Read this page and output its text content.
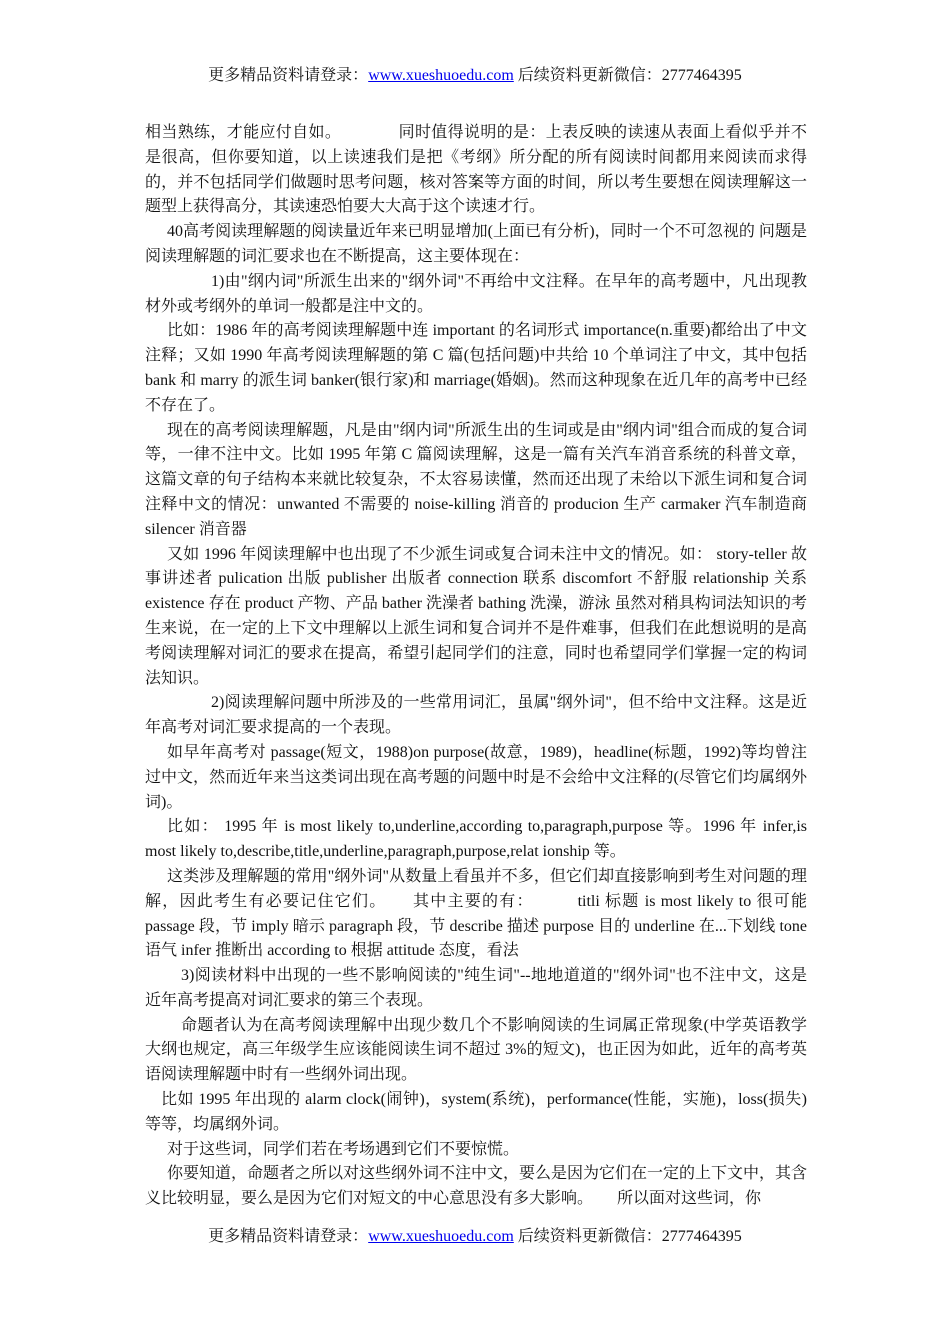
更多精品资料请登录：www.xueshuoedu.com 后续资料更新微信：2777464395

相当熟练，才能应付自如。　　　　同时值得说明的是：上表反映的读速从表面上看似乎并不是很高，但你要知道，以上读速我们是把《考纲》所分配的所有阅读时间都用来阅读而求得的，并不包括同学们做题时思考问题，核对答案等方面的时间，所以考生要想在阅读理解这一题型上获得高分，其读速恐怕要大大高于这个读速才行。

40高考阅读理解题的阅读量近年来已明显增加(上面已有分析)，同时一个不可忽视的 问题是阅读理解题的词汇要求也在不断提高，这主要体现在：

1)由"纲内词"所派生出来的"纲外词"不再给中文注释。在早年的高考题中，凡出现教材外或考纲外的单词一般都是注中文的。

比如：1986 年的高考阅读理解题中连 important 的名词形式 importance(n.重要)都给出了中文注释；又如 1990 年高考阅读理解题的第 C 篇(包括问题)中共给 10 个单词注了中文，其中包括 bank 和 marry 的派生词 banker(银行家)和 marriage(婚姻)。然而这种现象在近几年的高考中已经不存在了。

现在的高考阅读理解题，凡是由"纲内词"所派生出的生词或是由"纲内词"组合而成的复合词等，一律不注中文。比如 1995 年第 C 篇阅读理解，这是一篇有关汽车消音系统的科普文章，这篇文章的句子结构本来就比较复杂，不太容易读懂，然而还出现了未给以下派生词和复合词注释中文的情况：unwanted 不需要的 noise-killing 消音的 producion 生产 carmaker 汽车制造商 silencer 消音器

又如 1996 年阅读理解中也出现了不少派生词或复合词未注中文的情况。如： story-teller 故事讲述者 pulication 出版 publisher 出版者 connection 联系 discomfort 不舒服 relationship 关系 existence 存在 product 产物、产品 bather 洗澡者 bathing 洗澡，游泳 虽然对稍具构词法知识的考生来说，在一定的上下文中理解以上派生词和复合词并不是件难事，但我们在此想说明的是高考阅读理解对词汇的要求在提高，希望引起同学们的注意，同时也希望同学们掌握一定的构词法知识。

2)阅读理解问题中所涉及的一些常用词汇，虽属"纲外词"，但不给中文注释。这是近年高考对词汇要求提高的一个表现。

如早年高考对 passage(短文，1988)on purpose(故意，1989)，headline(标题，1992)等均曾注过中文，然而近年来当这类词出现在高考题的问题中时是不会给中文注释的(尽管它们均属纲外词)。

比如： 1995 年 is most likely to,underline,according to,paragraph,purpose 等。1996 年 infer,is most likely to,describe,title,underline,paragraph,purpose,relat ionship 等。

这类涉及理解题的常用"纲外词"从数量上看虽并不多，但它们却直接影响到考生对问题的理解，因此考生有必要记住它们。　　其中主要的有：　　　titli 标题 is most likely to 很可能 passage 段，节 imply 暗示 paragraph 段，节 describe 描述 purpose 目的 underline 在...下划线 tone 语气 infer 推断出 according to 根据 attitude 态度，看法

3)阅读材料中出现的一些不影响阅读的"纯生词"--地地道道的"纲外词"也不注中文，这是近年高考提高对词汇要求的第三个表现。

命题者认为在高考阅读理解中出现少数几个不影响阅读的生词属正常现象(中学英语教学大纲也规定，高三年级学生应该能阅读生词不超过 3%的短文)，也正因为如此，近年的高考英语阅读理解题中时有一些纲外词出现。

比如 1995 年出现的 alarm clock(闹钟)，system(系统)，performance(性能，实施)，loss(损失)等等，均属纲外词。

对于这些词，同学们若在考场遇到它们不要惊慌。

你要知道，命题者之所以对这些纲外词不注中文，要么是因为它们在一定的上下文中，其含义比较明显，要么是因为它们对短文的中心意思没有多大影响。　　所以面对这些词，你

更多精品资料请登录：www.xueshuoedu.com 后续资料更新微信：2777464395
